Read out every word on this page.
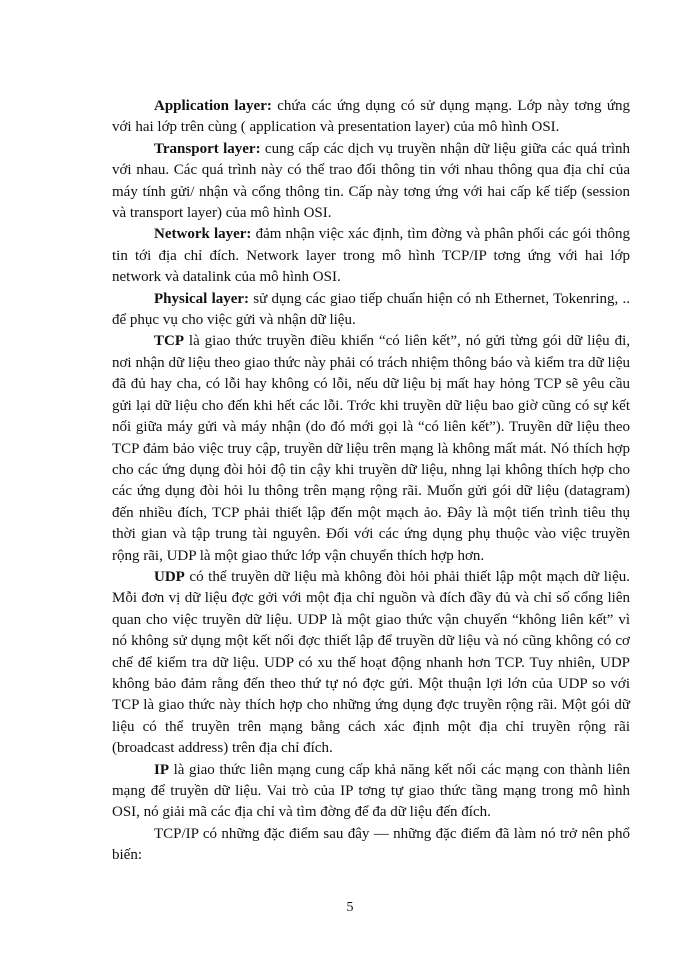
Application layer: chứa các ứng dụng có sử dụng mạng. Lớp này tơng ứng với hai lớp trên cùng ( application và presentation layer) của mô hình OSI.

Transport layer: cung cấp các dịch vụ truyền nhận dữ liệu giữa các quá trình với nhau. Các quá trình này có thể trao đổi thông tin với nhau thông qua địa chỉ của máy tính gửi/ nhận và cổng thông tin. Cấp này tơng ứng với hai cấp kế tiếp (session và transport layer) của mô hình OSI.

Network layer: đảm nhận việc xác định, tìm đờng và phân phối các gói thông tin tới địa chỉ đích. Network layer trong mô hình TCP/IP tơng ứng với hai lớp network và datalink của mô hình OSI.

Physical layer: sử dụng các giao tiếp chuẩn hiện có nh Ethernet, Tokenring, .. để phục vụ cho việc gửi và nhận dữ liệu.

TCP là giao thức truyền điều khiển “có liên kết”, nó gửi từng gói dữ liệu đi, nơi nhận dữ liệu theo giao thức này phải có trách nhiệm thông báo và kiểm tra dữ liệu đã đủ hay cha, có lỗi hay không có lỗi, nếu dữ liệu bị mất hay hỏng TCP sẽ yêu cầu gửi lại dữ liệu cho đến khi hết các lỗi. Trớc khi truyền dữ liệu bao giờ cũng có sự kết nối giữa máy gửi và máy nhận (do đó mới gọi là “có liên kết”). Truyền dữ liệu theo TCP đảm bảo việc truy cập, truyền dữ liệu trên mạng là không mất mát. Nó thích hợp cho các ứng dụng đòi hỏi độ tin cậy khi truyền dữ liệu, nhng lại không thích hợp cho các ứng dụng đòi hỏi lu thông trên mạng rộng rãi. Muốn gửi gói dữ liệu (datagram) đến nhiều đích, TCP phải thiết lập đến một mạch ảo. Đây là một tiến trình tiêu thụ thời gian và tập trung tài nguyên. Đối với các ứng dụng phụ thuộc vào việc truyền rộng rãi, UDP là một giao thức lớp vận chuyển thích hợp hơn.

UDP có thể truyền dữ liệu mà không đòi hỏi phải thiết lập một mạch dữ liệu. Mỗi đơn vị dữ liệu đợc gởi với một địa chỉ nguồn và đích đầy đủ và chỉ số cổng liên quan cho việc truyền dữ liệu. UDP là một giao thức vận chuyển “không liên kết” vì nó không sử dụng một kết nối đợc thiết lập để truyền dữ liệu và nó cũng không có cơ chế để kiểm tra dữ liệu. UDP có xu thế hoạt động nhanh hơn TCP. Tuy nhiên, UDP không bảo đảm rằng đến theo thứ tự nó đợc gửi. Một thuận lợi lớn của UDP so với TCP là giao thức này thích hợp cho những ứng dụng đợc truyền rộng rãi. Một gói dữ liệu có thể truyền trên mạng bằng cách xác định một địa chỉ truyền rộng rãi (broadcast address) trên địa chỉ đích.

IP là giao thức liên mạng cung cấp khả năng kết nối các mạng con thành liên mạng để truyền dữ liệu. Vai trò của IP tơng tự giao thức tầng mạng trong mô hình OSI, nó giải mã các địa chỉ và tìm đờng để đa dữ liệu đến đích.

TCP/IP có những đặc điểm sau đây — những đặc điểm đã làm nó trở nên phổ biến:

5
